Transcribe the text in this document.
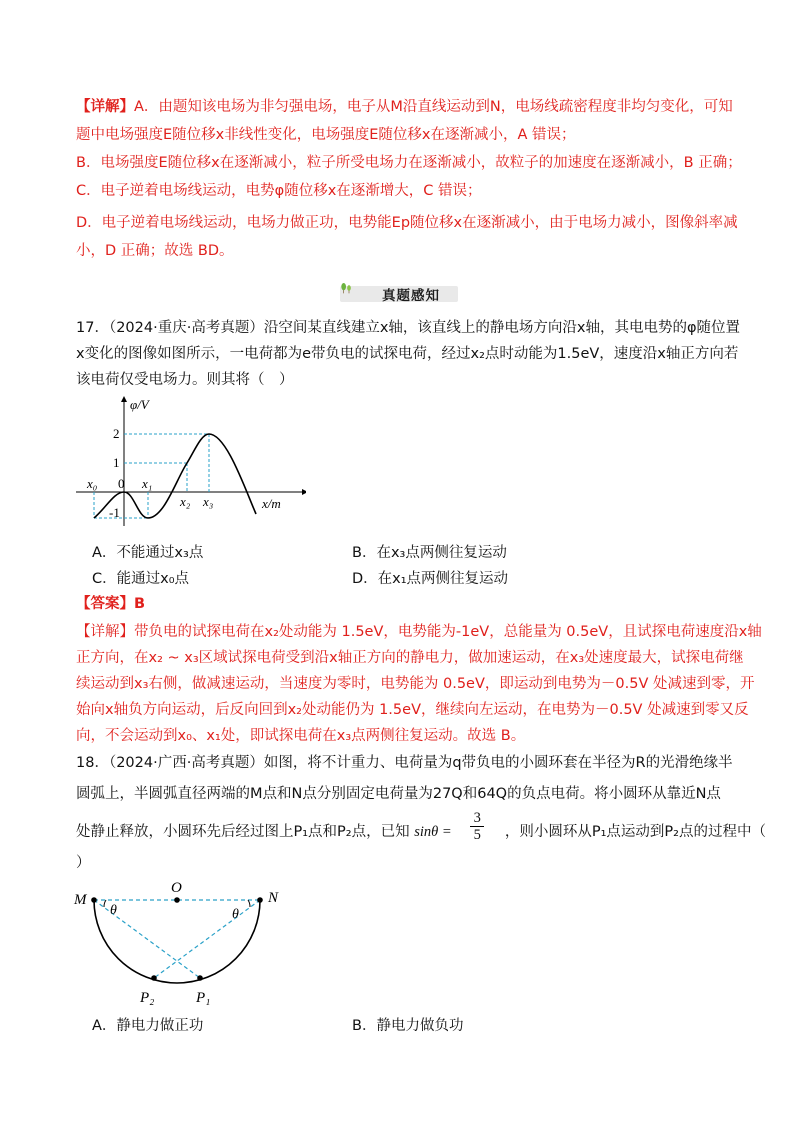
【详解】A．由题知该电场为非匀强电场，电子从M沿直线运动到N，电场线疏密程度非均匀变化，可知
题中电场强度E随位移x非线性变化，电场强度E随位移x在逐渐减小，A 错误；
B．电场强度E随位移x在逐渐减小，粒子所受电场力在逐渐减小，故粒子的加速度在逐渐减小，B 正确；
C．电子逆着电场线运动，电势φ随位移x在逐渐增大，C 错误；
D．电子逆着电场线运动，电场力做正功，电势能Ep随位移x在逐渐减小，由于电场力减小，图像斜率减
小，D 正确；故选 BD。
真题感知
17．（2024·重庆·高考真题）沿空间某直线建立x轴，该直线上的静电场方向沿x轴，其电电势的φ随位置
x变化的图像如图所示，一电荷都为e带负电的试探电荷，经过x₂点时动能为1.5eV，速度沿x轴正方向若
该电荷仅受电场力。则其将（　）
φ/V
x/m
2
1
0
-1
x₀	x₁
x₂ x₃
A．不能通过x₃点	B．在x₃点两侧往复运动
C．能通过x₀点	D．在x₁点两侧往复运动
【答案】B
【详解】带负电的试探电荷在x₂处动能为 1.5eV，电势能为-1eV，总能量为 0.5eV，且试探电荷速度沿x轴
正方向，在x₂ ~ x₃区域试探电荷受到沿x轴正方向的静电力，做加速运动，在x₃处速度最大，试探电荷继
续运动到x₃右侧，做减速运动，当速度为零时，电势能为 0.5eV，即运动到电势为－0.5V 处减速到零，开
始向x轴负方向运动，后反向回到x₂处动能仍为 1.5eV，继续向左运动，在电势为－0.5V 处减速到零又反
向，不会运动到x₀、x₁处，即试探电荷在x₃点两侧往复运动。故选 B。
18．（2024·广西·高考真题）如图，将不计重力、电荷量为q带负电的小圆环套在半径为R的光滑绝缘半
圆弧上，半圆弧直径两端的M点和N点分别固定电荷量为27Q和64Q的负点电荷。将小圆环从靠近N点
处静止释放，小圆环先后经过图上P₁点和P₂点，已知 sinθ =
3
5 ，则小圆环从P₁点运动到P₂点的过程中（
）
M	N
O
θ	θ
P₂	P₁
A．静电力做正功	B．静电力做负功
